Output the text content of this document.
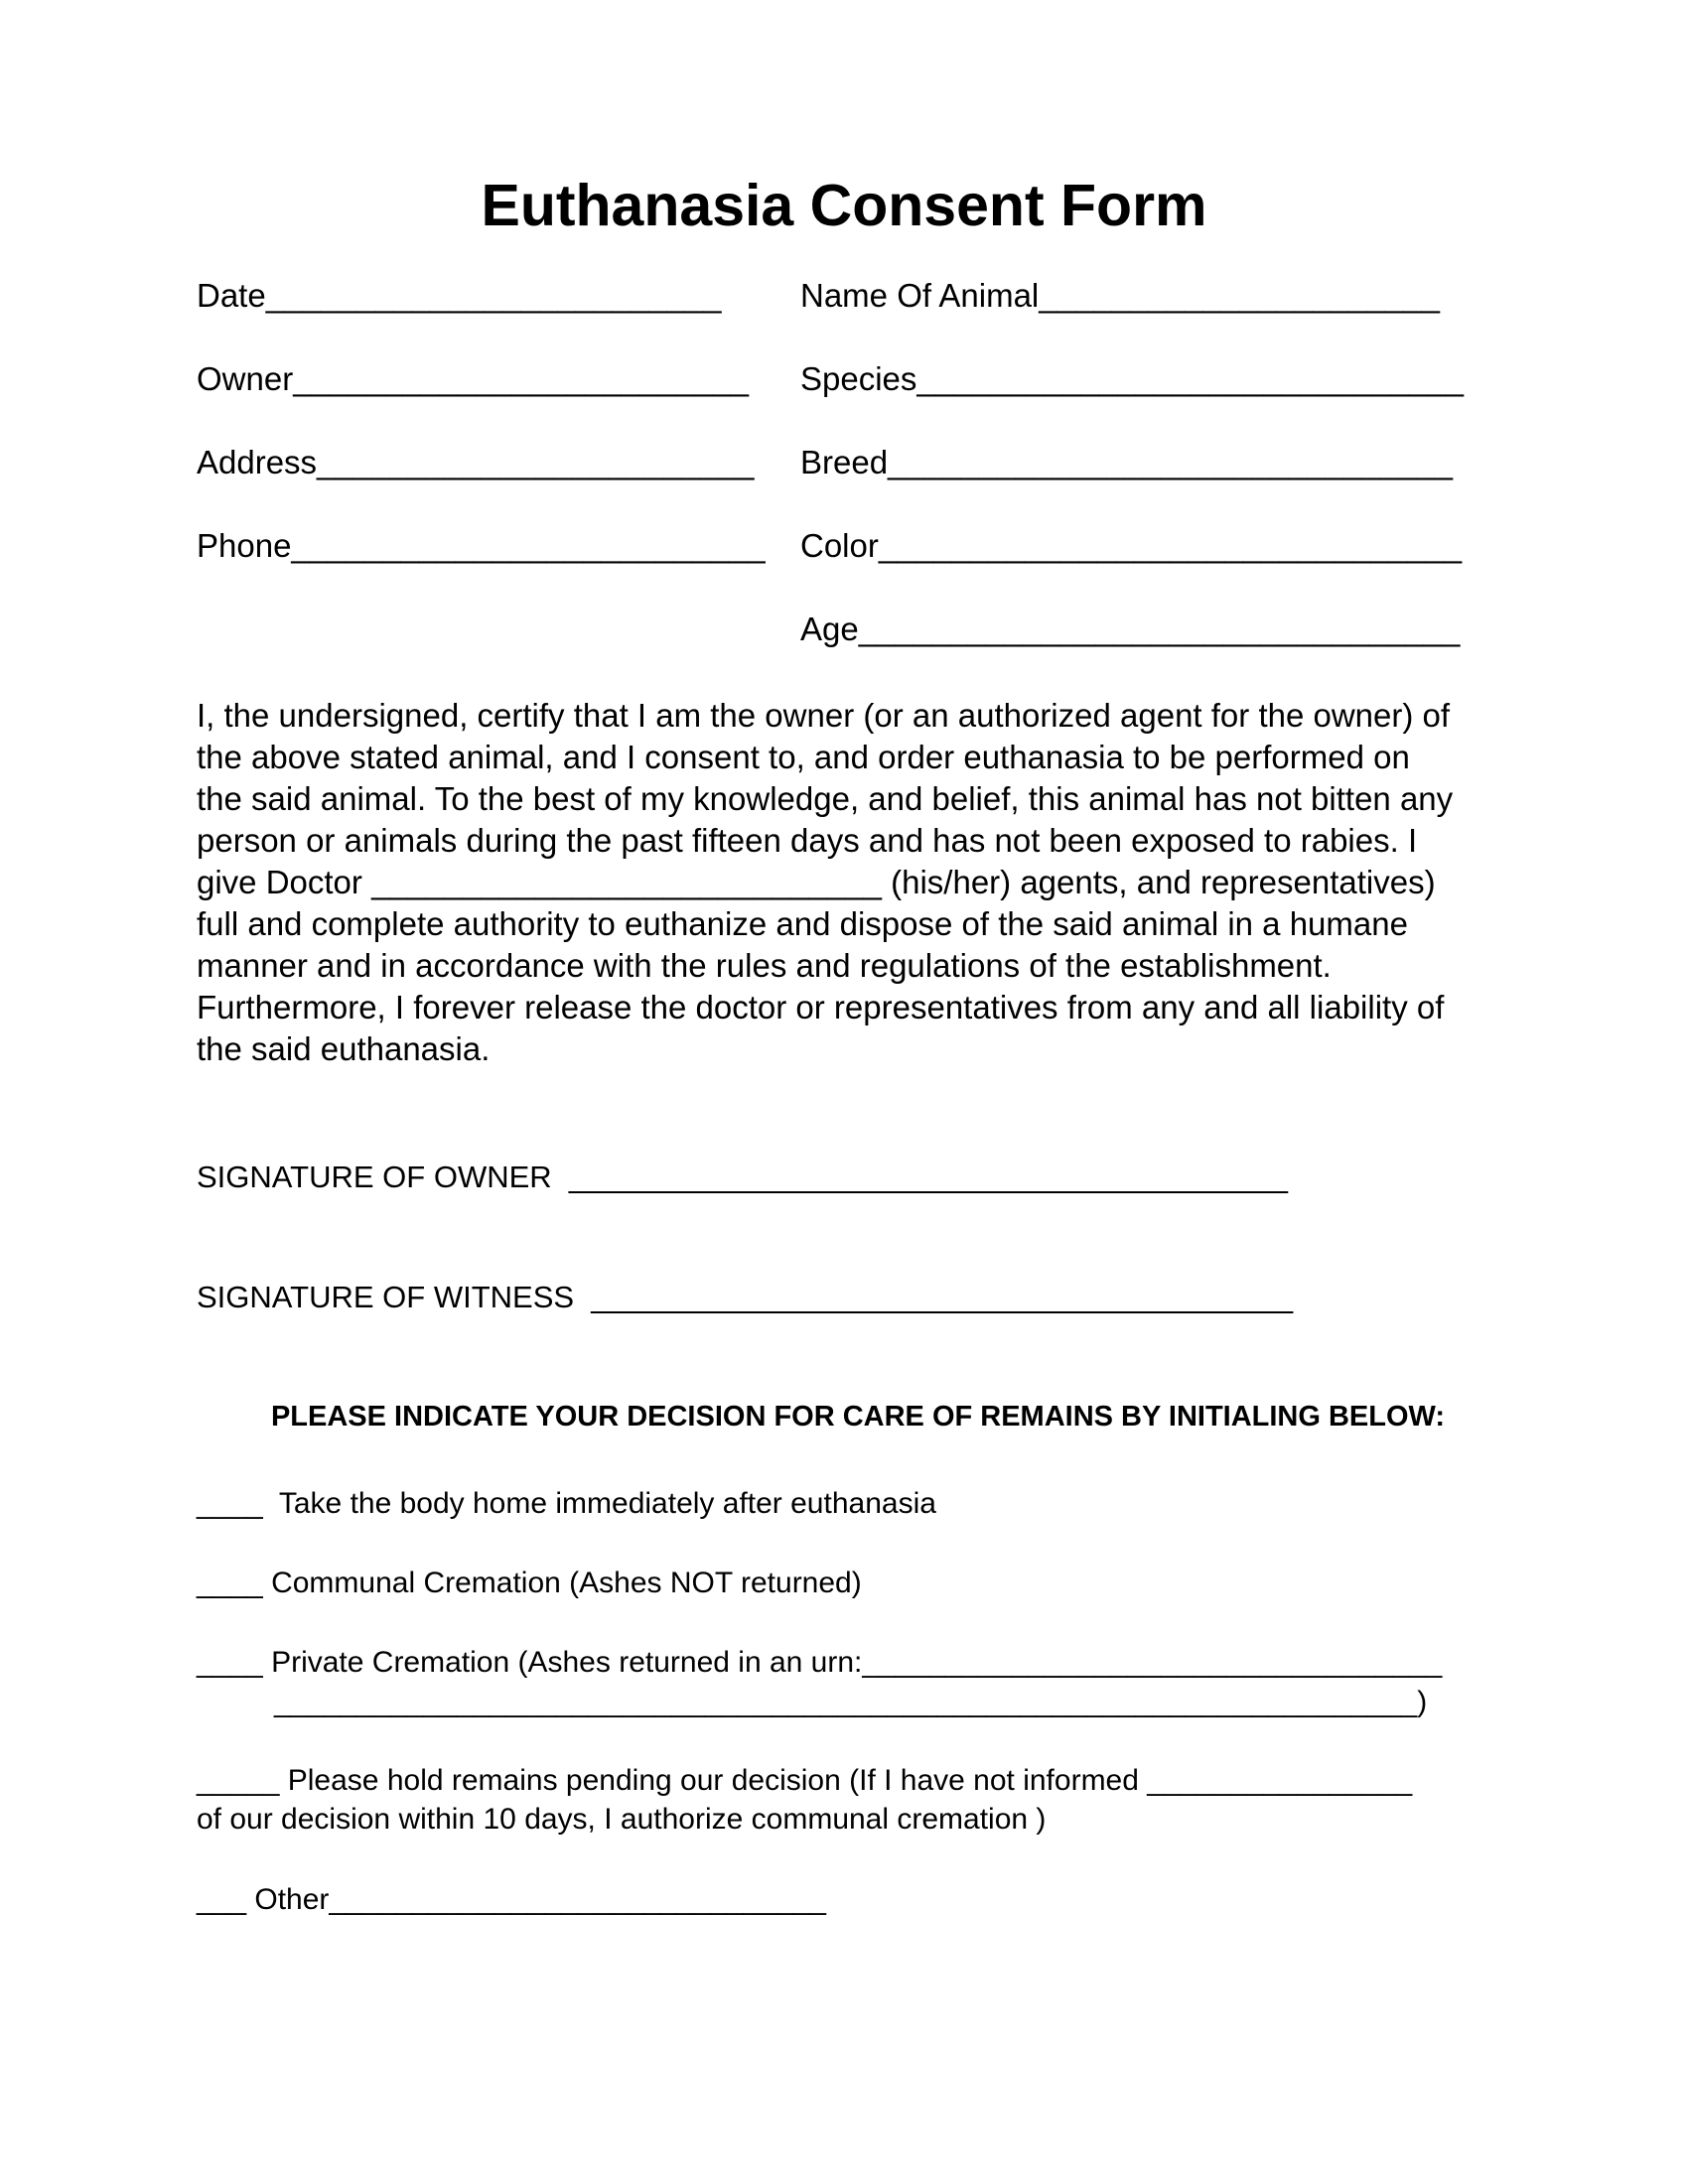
Euthanasia Consent Form
Date_________________________
Owner_________________________
Address________________________
Phone__________________________
Name Of Animal______________________
Species______________________________
Breed_______________________________
Color________________________________
Age_________________________________
I, the undersigned, certify that I am the owner (or an authorized agent for the owner) of
the above stated animal, and I consent to, and order euthanasia to be performed on
the said animal. To the best of my knowledge, and belief, this animal has not bitten any
person or animals during the past fifteen days and has not been exposed to rabies. I
give Doctor ____________________________ (his/her) agents, and representatives)
full and complete authority to euthanize and dispose of the said animal in a humane
manner and in accordance with the rules and regulations of the establishment.
Furthermore, I forever release the doctor or representatives from any and all liability of
the said euthanasia.
SIGNATURE OF OWNER  __________________________________________
SIGNATURE OF WITNESS  _________________________________________
PLEASE INDICATE YOUR DECISION FOR CARE OF REMAINS BY INITIALING BELOW:
____  Take the body home immediately after euthanasia
____ Communal Cremation (Ashes NOT returned)
____ Private Cremation (Ashes returned in an urn:___________________________________
_____________________________________________________________________)
_____ Please hold remains pending our decision (If I have not informed ________________
of our decision within 10 days, I authorize communal cremation )
___ Other______________________________
